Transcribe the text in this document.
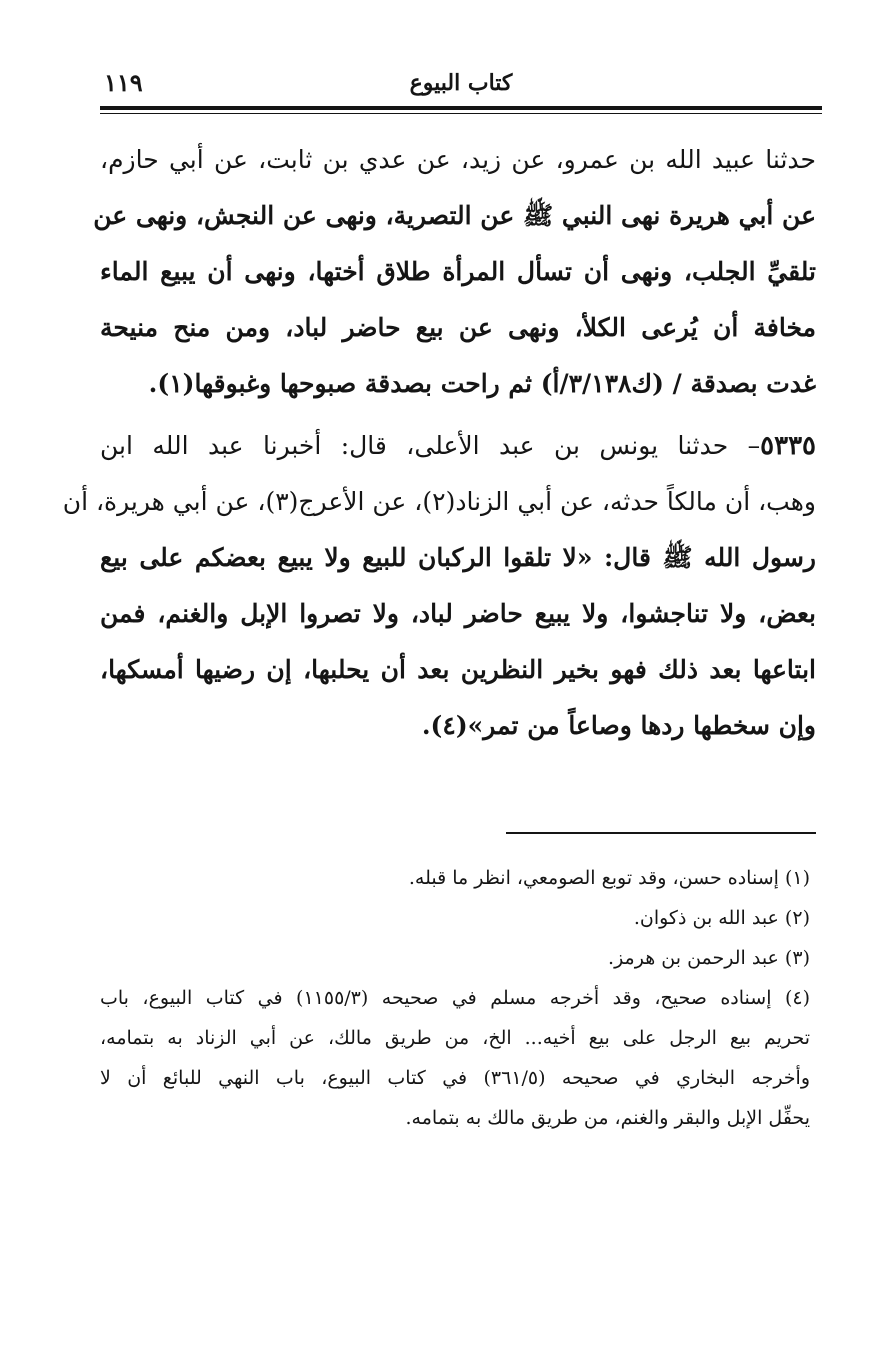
كتاب البيوع
١١٩
حدثنا عبيد الله بن عمرو، عن زيد، عن عدي بن ثابت، عن أبي حازم،
عن أبي هريرة نهى النبي ﷺ عن التصرية، ونهى عن النجش، ونهى عن
تلقيِّ الجلب، ونهى أن تسأل المرأة طلاق أختها، ونهى أن يبيع الماء
مخافة أن يُرعى الكلأ، ونهى عن بيع حاضر لباد، ومن منح منيحة
غدت بصدقة / (ك٣/١٣٨/أ) ثم راحت بصدقة صبوحها وغبوقها(١).
٥٣٣٥– حدثنا يونس بن عبد الأعلى، قال: أخبرنا عبد الله ابن
وهب، أن مالكاً حدثه، عن أبي الزناد(٢)، عن الأعرج(٣)، عن أبي هريرة، أن
رسول الله ﷺ قال: «لا تلقوا الركبان للبيع ولا يبيع بعضكم على بيع
بعض، ولا تناجشوا، ولا يبيع حاضر لباد، ولا تصروا الإبل والغنم، فمن
ابتاعها بعد ذلك فهو بخير النظرين بعد أن يحلبها، إن رضيها أمسكها،
وإن سخطها ردها وصاعاً من تمر»(٤).
(١) إسناده حسن، وقد توبع الصومعي، انظر ما قبله.
(٢) عبد الله بن ذكوان.
(٣) عبد الرحمن بن هرمز.
(٤) إسناده صحيح، وقد أخرجه مسلم في صحيحه (١١٥٥/٣) في كتاب البيوع، باب
تحريم بيع الرجل على بيع أخيه... الخ، من طريق مالك، عن أبي الزناد به بتمامه،
وأخرجه البخاري في صحيحه (٣٦١/٥) في كتاب البيوع، باب النهي للبائع أن لا
يحفِّل الإبل والبقر والغنم، من طريق مالك به بتمامه.
